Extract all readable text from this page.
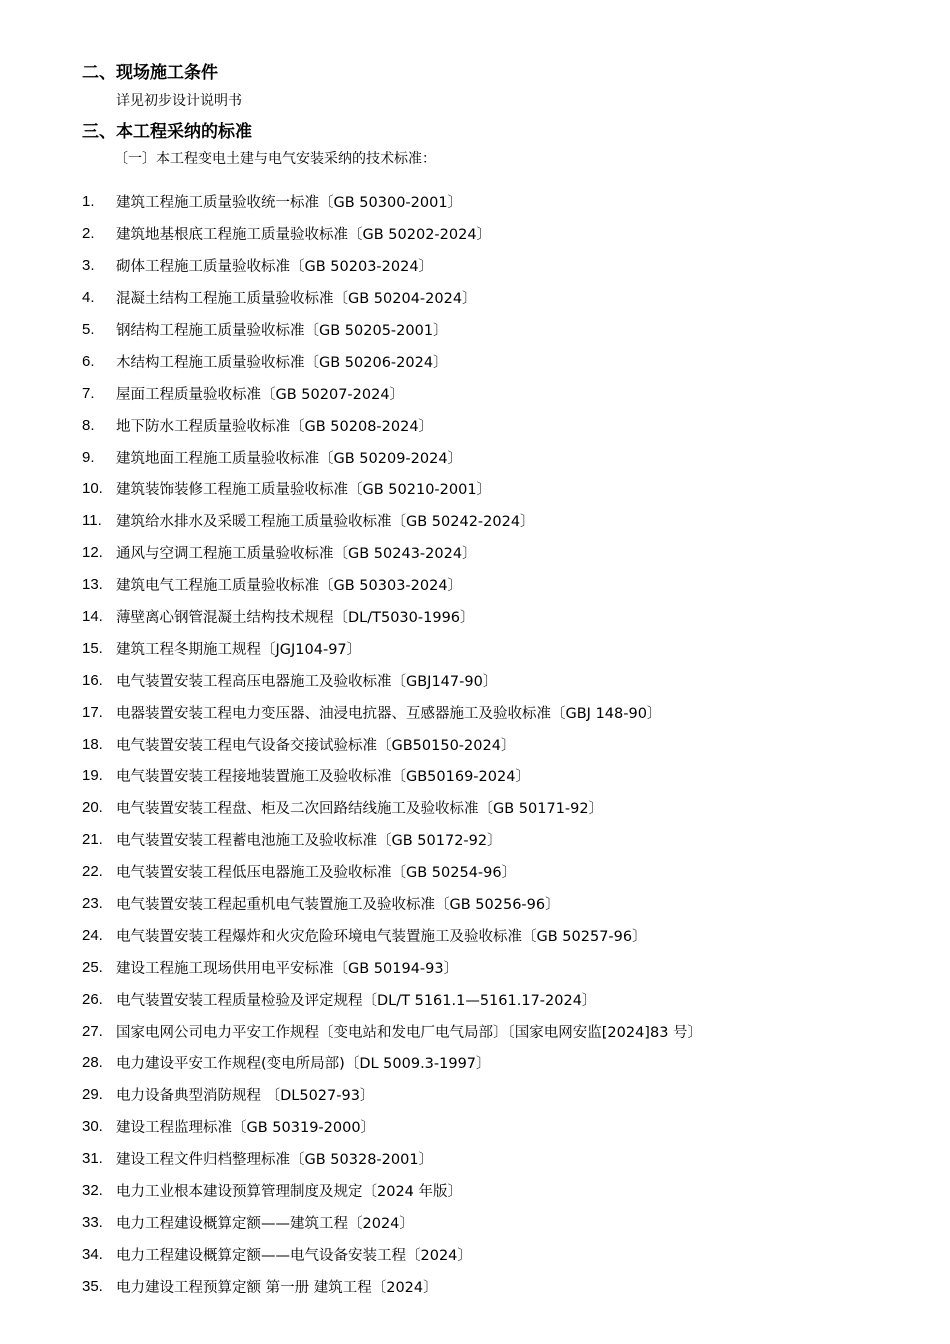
二、现场施工条件
详见初步设计说明书
三、本工程采纳的标准
〔一〕本工程变电土建与电气安装采纳的技术标准：
1.	建筑工程施工质量验收统一标准〔GB 50300-2001〕
2.	建筑地基根底工程施工质量验收标准〔GB 50202-2024〕
3.	砌体工程施工质量验收标准〔GB 50203-2024〕
4.	混凝土结构工程施工质量验收标准〔GB 50204-2024〕
5.	钢结构工程施工质量验收标准〔GB 50205-2001〕
6.	木结构工程施工质量验收标准〔GB 50206-2024〕
7.	屋面工程质量验收标准〔GB 50207-2024〕
8.	地下防水工程质量验收标准〔GB 50208-2024〕
9.	建筑地面工程施工质量验收标准〔GB 50209-2024〕
10. 建筑装饰装修工程施工质量验收标准〔GB 50210-2001〕
11. 建筑给水排水及采暖工程施工质量验收标准〔GB 50242-2024〕
12. 通风与空调工程施工质量验收标准〔GB 50243-2024〕
13. 建筑电气工程施工质量验收标准〔GB 50303-2024〕
14. 薄壁离心钢管混凝土结构技术规程〔DL/T5030-1996〕
15. 建筑工程冬期施工规程〔JGJ104-97〕
16. 电气装置安装工程高压电器施工及验收标准〔GBJ147-90〕
17. 电器装置安装工程电力变压器、油浸电抗器、互感器施工及验收标准〔GBJ 148-90〕
18. 电气装置安装工程电气设备交接试验标准〔GB50150-2024〕
19. 电气装置安装工程接地装置施工及验收标准〔GB50169-2024〕
20. 电气装置安装工程盘、柜及二次回路结线施工及验收标准〔GB 50171-92〕
21. 电气装置安装工程蓄电池施工及验收标准〔GB 50172-92〕
22. 电气装置安装工程低压电器施工及验收标准〔GB 50254-96〕
23. 电气装置安装工程起重机电气装置施工及验收标准〔GB 50256-96〕
24. 电气装置安装工程爆炸和火灾危险环境电气装置施工及验收标准〔GB 50257-96〕
25. 建设工程施工现场供用电平安标准〔GB 50194-93〕
26. 电气装置安装工程质量检验及评定规程〔DL/T 5161.1—5161.17-2024〕
27. 国家电网公司电力平安工作规程〔变电站和发电厂电气局部〕〔国家电网安监[2024]83 号〕
28. 电力建设平安工作规程(变电所局部)〔DL 5009.3-1997〕
29. 电力设备典型消防规程 〔DL5027-93〕
30. 建设工程监理标准〔GB 50319-2000〕
31. 建设工程文件归档整理标准〔GB 50328-2001〕
32. 电力工业根本建设预算管理制度及规定〔2024 年版〕
33. 电力工程建设概算定额——建筑工程〔2024〕
34. 电力工程建设概算定额——电气设备安装工程〔2024〕
35. 电力建设工程预算定额 第一册 建筑工程〔2024〕
